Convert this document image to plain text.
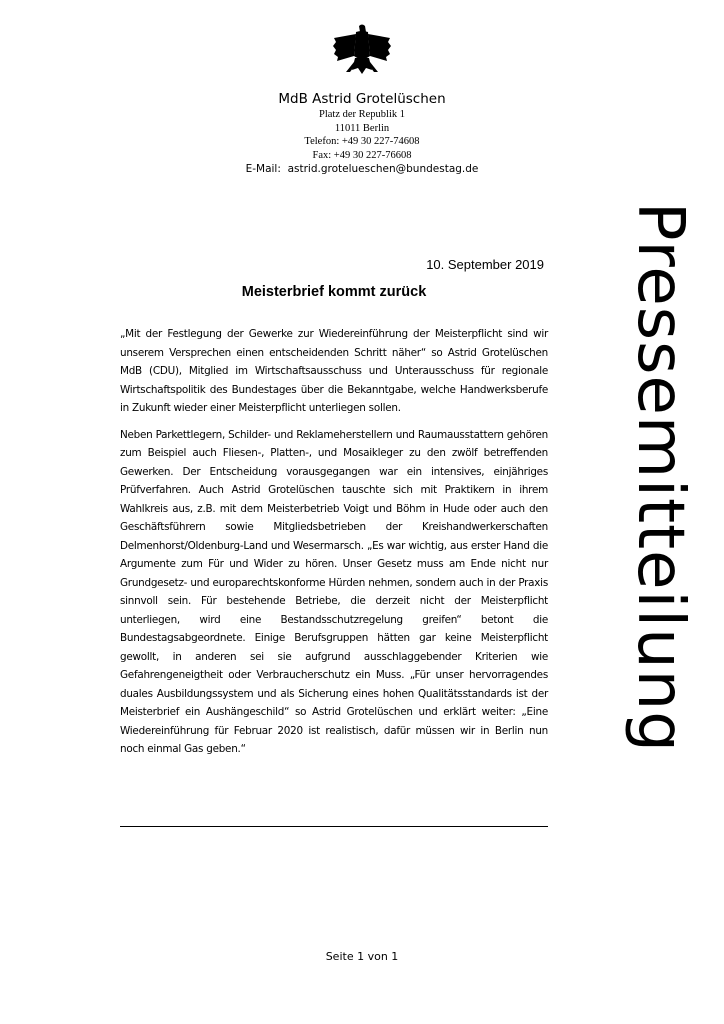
MdB Astrid Grotelüschen
Platz der Republik 1
11011 Berlin
Telefon: +49 30 227-74608
Fax: +49 30 227-76608
E-Mail: astrid.grotelueschen@bundestag.de
Pressemitteilung
10. September 2019
Meisterbrief kommt zurück

„Mit der Festlegung der Gewerke zur Wiedereinführung der Meisterpflicht sind wir unserem Versprechen einen entscheidenden Schritt näher“ so Astrid Grotelüschen MdB (CDU), Mitglied im Wirtschaftsausschuss und Unterausschuss für regionale Wirtschaftspolitik des Bundestages über die Bekanntgabe, welche Handwerksberufe in Zukunft wieder einer Meisterpflicht unterliegen sollen.

Neben Parkettlegern, Schilder- und Reklameherstellern und Raumausstattern gehören zum Beispiel auch Fliesen-, Platten-, und Mosaikleger zu den zwölf betreffenden Gewerken. Der Entscheidung vorausgegangen war ein intensives, einjähriges Prüfverfahren. Auch Astrid Grotelüschen tauschte sich mit Praktikern in ihrem Wahlkreis aus, z.B. mit dem Meisterbetrieb Voigt und Böhm in Hude oder auch den Geschäftsführern sowie Mitgliedsbetrieben der Kreishandwerkerschaften Delmenhorst/Oldenburg-Land und Wesermarsch. „Es war wichtig, aus erster Hand die Argumente zum Für und Wider zu hören. Unser Gesetz muss am Ende nicht nur Grundgesetz- und europarechtskonforme Hürden nehmen, sondern auch in der Praxis sinnvoll sein. Für bestehende Betriebe, die derzeit nicht der Meisterpflicht unterliegen, wird eine Bestandsschutzregelung greifen“ betont die Bundestagsabgeordnete. Einige Berufsgruppen hätten gar keine Meisterpflicht gewollt, in anderen sei sie aufgrund ausschlaggebender Kriterien wie Gefahrengeneigtheit oder Verbraucherschutz ein Muss. „Für unser hervorragendes duales Ausbildungssystem und als Sicherung eines hohen Qualitätsstandards ist der Meisterbrief ein Aushängeschild“ so Astrid Grotelüschen und erklärt weiter: „Eine Wiedereinführung für Februar 2020 ist realistisch, dafür müssen wir in Berlin nun noch einmal Gas geben.“

Seite 1 von 1
